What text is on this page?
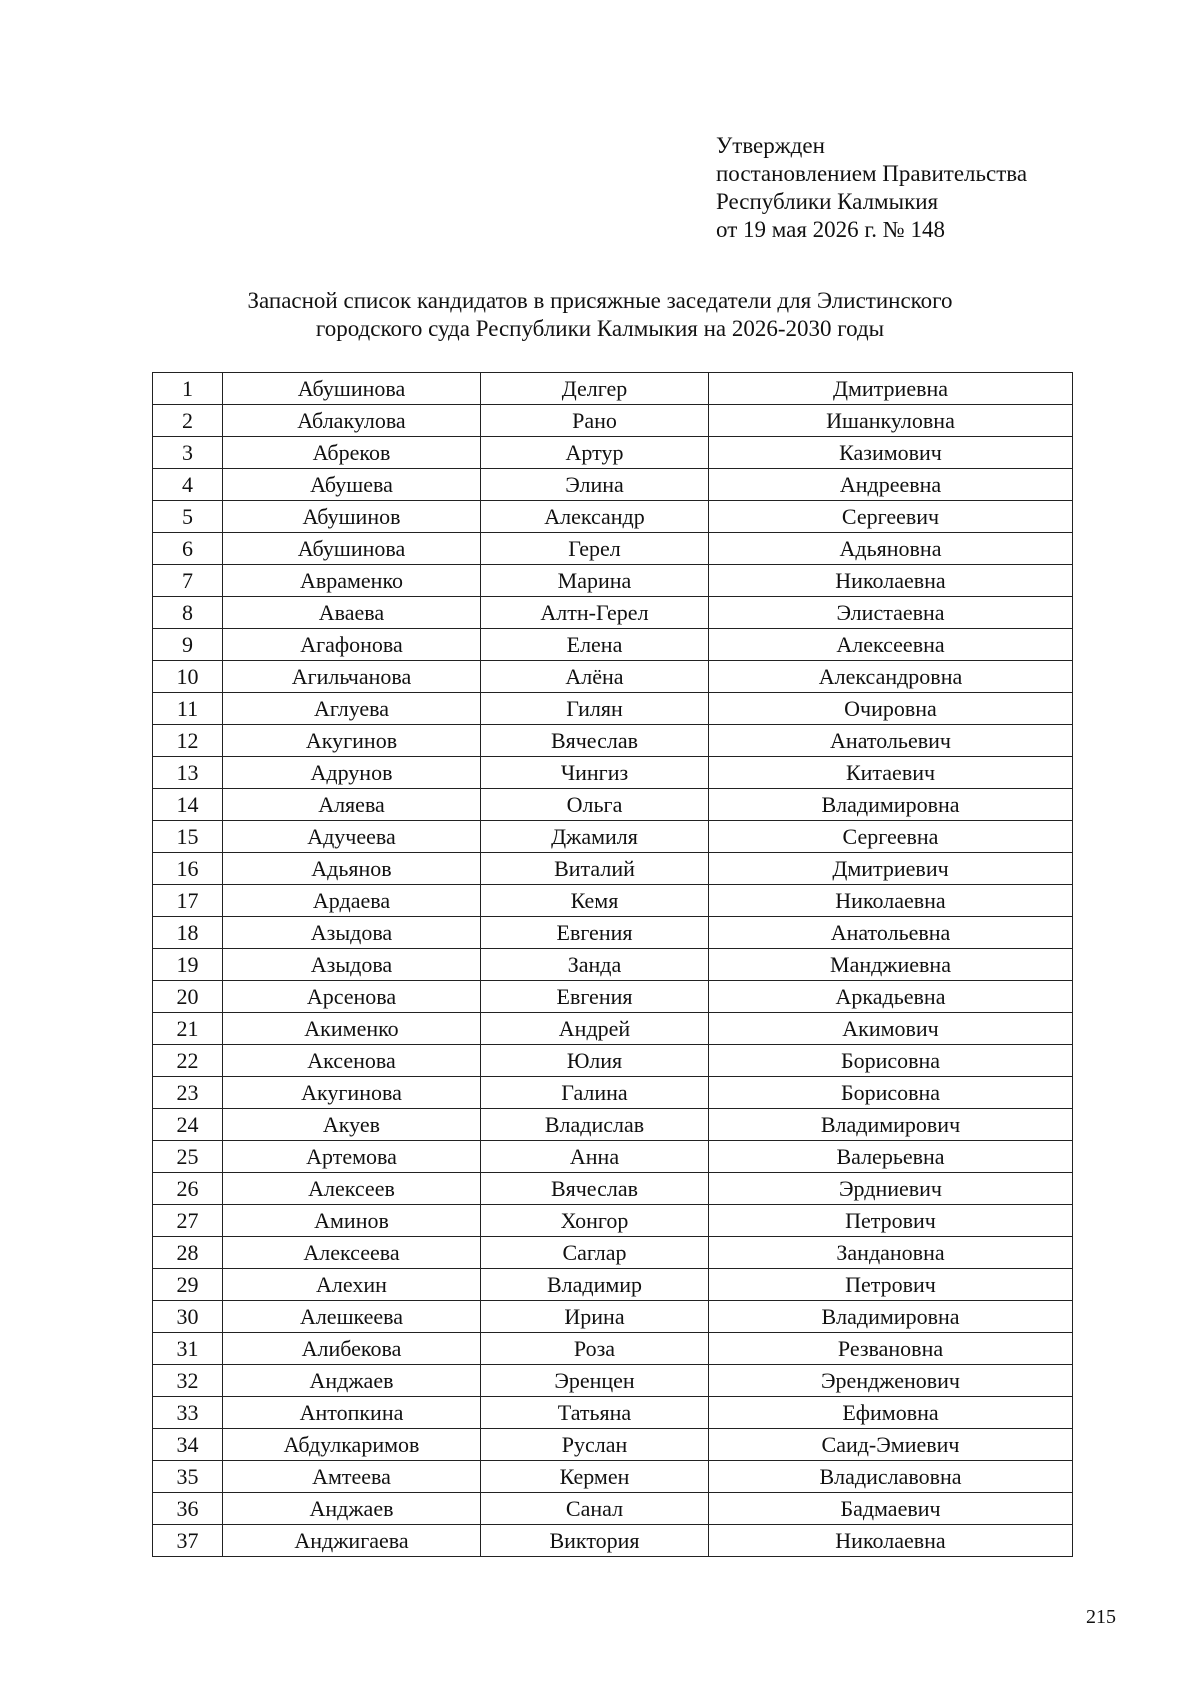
Утвержден
постановлением Правительства
Республики Калмыкия
от 19 мая 2026 г. № 148
Запасной список кандидатов в присяжные заседатели для Элистинского
городского суда Республики Калмыкия на 2026-2030 годы
1	Абушинова	Делгер	Дмитриевна
2	Аблакулова	Рано	Ишанкуловна
3	Абреков	Артур	Казимович
4	Абушева	Элина	Андреевна
5	Абушинов	Александр	Сергеевич
6	Абушинова	Герел	Адьяновна
7	Авраменко	Марина	Николаевна
8	Аваева	Алтн-Герел	Элистаевна
9	Агафонова	Елена	Алексеевна
10	Агильчанова	Алёна	Александровна
11	Аглуева	Гилян	Очировна
12	Акугинов	Вячеслав	Анатольевич
13	Адрунов	Чингиз	Китаевич
14	Аляева	Ольга	Владимировна
15	Адучеева	Джамиля	Сергеевна
16	Адьянов	Виталий	Дмитриевич
17	Ардаева	Кемя	Николаевна
18	Азыдова	Евгения	Анатольевна
19	Азыдова	Занда	Манджиевна
20	Арсенова	Евгения	Аркадьевна
21	Акименко	Андрей	Акимович
22	Аксенова	Юлия	Борисовна
23	Акугинова	Галина	Борисовна
24	Акуев	Владислав	Владимирович
25	Артемова	Анна	Валерьевна
26	Алексеев	Вячеслав	Эрдниевич
27	Аминов	Хонгор	Петрович
28	Алексеева	Саглар	Зандановна
29	Алехин	Владимир	Петрович
30	Алешкеева	Ирина	Владимировна
31	Алибекова	Роза	Резвановна
32	Анджаев	Эренцен	Эрендженович
33	Антопкина	Татьяна	Ефимовна
34	Абдулкаримов	Руслан	Саид-Эмиевич
35	Амтеева	Кермен	Владиславовна
36	Анджаев	Санал	Бадмаевич
37	Анджигаева	Виктория	Николаевна
215
